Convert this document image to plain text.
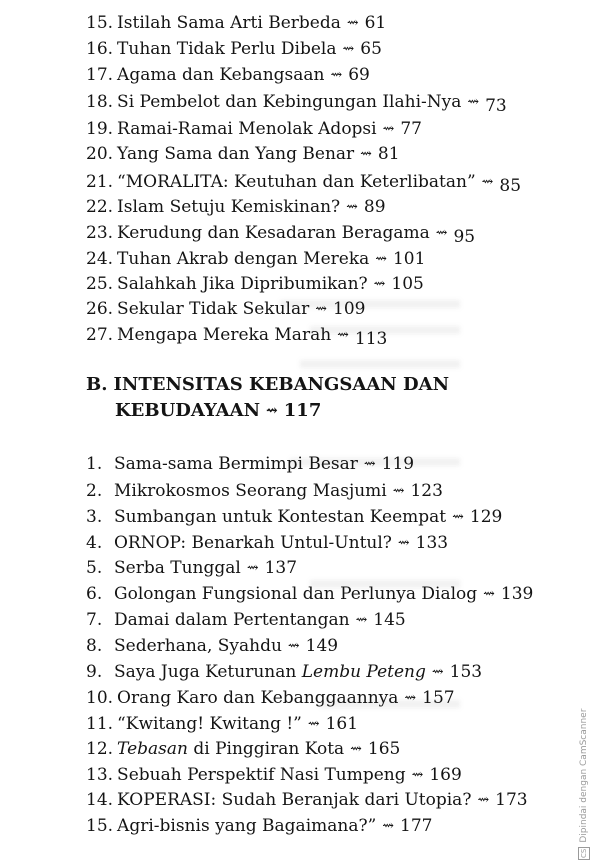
15. Istilah Sama Arti Berbeda ⇝ 61
16. Tuhan Tidak Perlu Dibela ⇝ 65
17. Agama dan Kebangsaan ⇝ 69
18. Si Pembelot dan Kebingungan Ilahi-Nya ⇝ 73
19. Ramai-Ramai Menolak Adopsi ⇝ 77
20. Yang Sama dan Yang Benar ⇝ 81
21. “MORALITA: Keutuhan dan Keterlibatan” ⇝ 85
22. Islam Setuju Kemiskinan? ⇝ 89
23. Kerudung dan Kesadaran Beragama ⇝ 95
24. Tuhan Akrab dengan Mereka ⇝ 101
25. Salahkah Jika Dipribumikan? ⇝ 105
26. Sekular Tidak Sekular ⇝ 109
27. Mengapa Mereka Marah ⇝ 113
B. INTENSITAS KEBANGSAAN DAN
KEBUDAYAAN ⇝ 117
1. Sama-sama Bermimpi Besar ⇝ 119
2. Mikrokosmos Seorang Masjumi ⇝ 123
3. Sumbangan untuk Kontestan Keempat ⇝ 129
4. ORNOP: Benarkah Untul-Untul? ⇝ 133
5. Serba Tunggal ⇝ 137
6. Golongan Fungsional dan Perlunya Dialog ⇝ 139
7. Damai dalam Pertentangan ⇝ 145
8. Sederhana, Syahdu ⇝ 149
9. Saya Juga Keturunan Lembu Peteng ⇝ 153
10. Orang Karo dan Kebanggaannya ⇝ 157
11. “Kwitang! Kwitang !” ⇝ 161
12. Tebasan di Pinggiran Kota ⇝ 165
13. Sebuah Perspektif Nasi Tumpeng ⇝ 169
14. KOPERASI: Sudah Beranjak dari Utopia? ⇝ 173
15. Agri-bisnis yang Bagaimana?” ⇝ 177
CSDipindai dengan CamScanner
